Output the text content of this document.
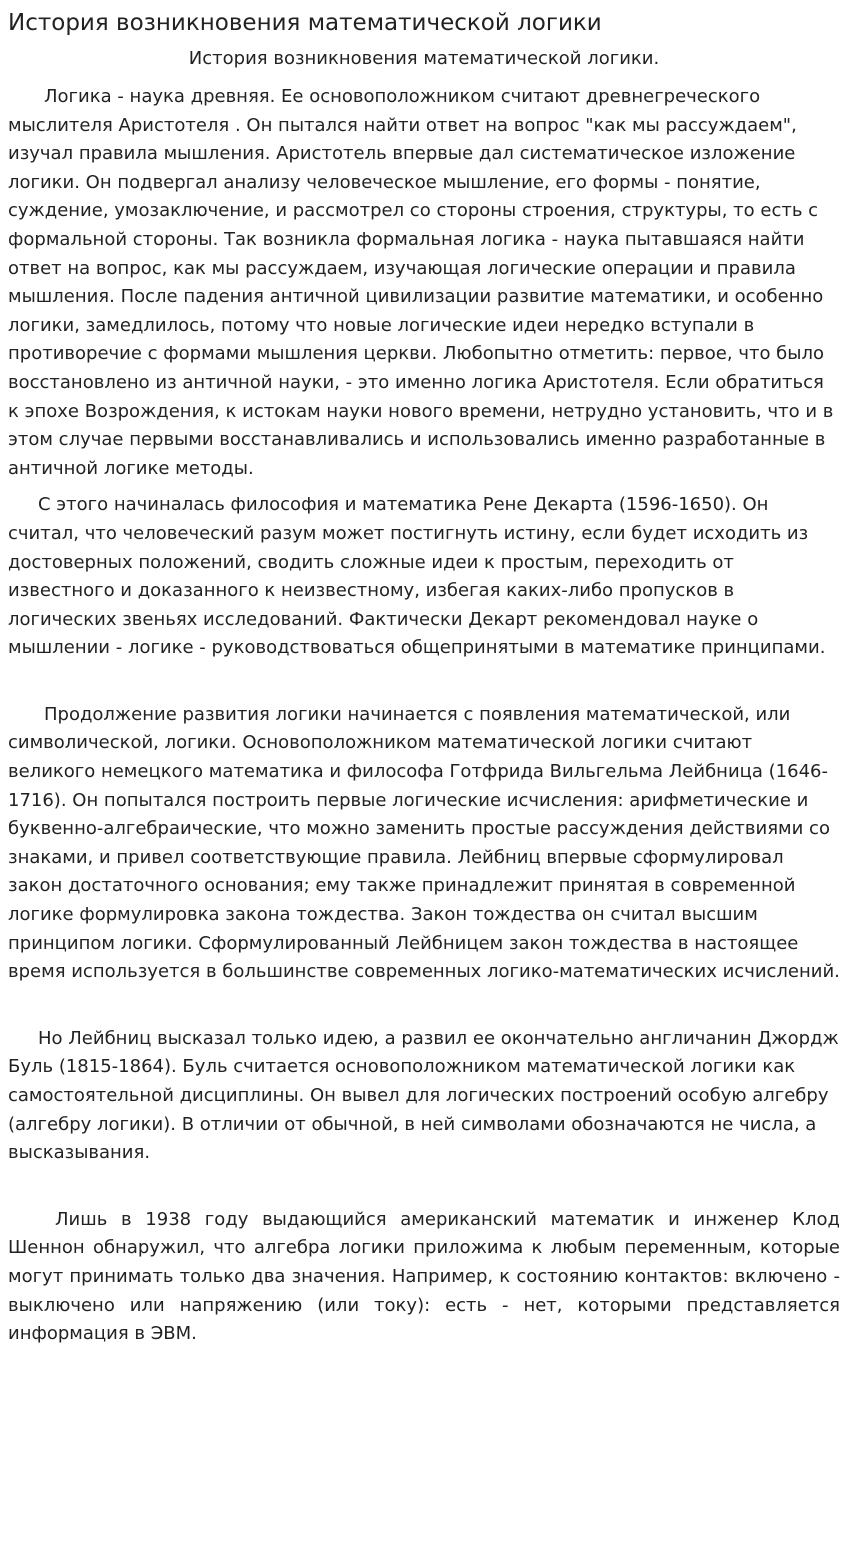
История возникновения математической логики
История возникновения математической логики.

Логика - наука древняя. Ее основоположником считают древнегреческого мыслителя Аристотеля . Он пытался найти ответ на вопрос "как мы рассуждаем", изучал правила мышления. Аристотель впервые дал систематическое изложение логики. Он подвергал анализу человеческое мышление, его формы - понятие, суждение, умозаключение, и рассмотрел со стороны строения, структуры, то есть с формальной стороны. Так возникла формальная логика - наука пытавшаяся найти ответ на вопрос, как мы рассуждаем, изучающая логические операции и правила мышления. После падения античной цивилизации развитие математики, и особенно логики, замедлилось, потому что новые логические идеи нередко вступали в противоречие с формами мышления церкви. Любопытно отметить: первое, что было восстановлено из античной науки, - это именно логика Аристотеля. Если обратиться к эпохе Возрождения, к истокам науки нового времени, нетрудно установить, что и в этом случае первыми восстанавливались и использовались именно разработанные в античной логике методы.

С этого начиналась философия и математика Рене Декарта (1596-1650). Он считал, что человеческий разум может постигнуть истину, если будет исходить из достоверных положений, сводить сложные идеи к простым, переходить от известного и доказанного к неизвестному, избегая каких-либо пропусков в логических звеньях исследований. Фактически Декарт рекомендовал науке о мышлении - логике - руководствоваться общепринятыми в математике принципами.

Продолжение развития логики начинается с появления математической, или символической, логики. Основоположником математической логики считают великого немецкого математика и философа Готфрида Вильгельма Лейбница (1646-1716). Он попытался построить первые логические исчисления: арифметические и буквенно-алгебраические, что можно заменить простые рассуждения действиями со знаками, и привел соответствующие правила. Лейбниц впервые сформулировал закон достаточного основания; ему также принадлежит принятая в современной логике формулировка закона тождества. Закон тождества он считал высшим принципом логики. Сформулированный Лейбницем закон тождества в настоящее время используется в большинстве современных логико-математических исчислений.

Но Лейбниц высказал только идею, а развил ее окончательно англичанин Джордж Буль (1815-1864). Буль считается основоположником математической логики как самостоятельной дисциплины. Он вывел для логических построений особую алгебру (алгебру логики). В отличии от обычной, в ней символами обозначаются не числа, а высказывания.

Лишь в 1938 году выдающийся американский математик и инженер Клод Шеннон обнаружил, что алгебра логики приложима к любым переменным, которые могут принимать только два значения. Например, к состоянию контактов: включено - выключено или напряжению (или току): есть - нет, которыми представляется информация в ЭВМ.
